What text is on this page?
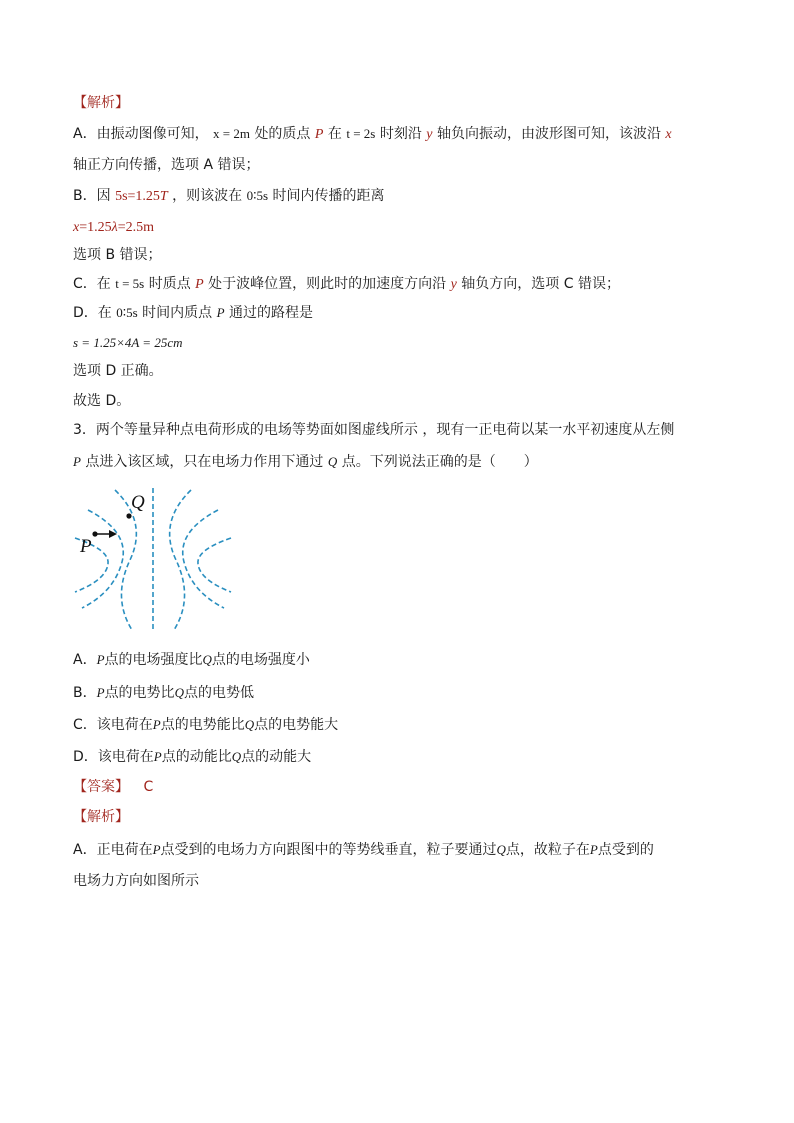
【解析】
A．由振动图像可知， x = 2m 处的质点 P 在 t = 2s 时刻沿 y 轴负向振动，由波形图可知，该波沿 x
轴正方向传播，选项 A 错误；
B．因 5s=1.25T ，则该波在 0∶5s 时间内传播的距离
x=1.25λ=2.5m
选项 B 错误；
C．在 t = 5s 时质点 P 处于波峰位置，则此时的加速度方向沿 y 轴负方向，选项 C 错误；
D．在 0∶5s 时间内质点 P 通过的路程是
s = 1.25×4A = 25cm
选项 D 正确。
故选 D。
3．两个等量异种点电荷形成的电场等势面如图虚线所示 ，现有一正电荷以某一水平初速度从左侧
P 点进入该区域，只在电场力作用下通过 Q 点。下列说法正确的是（　　）
P
Q
A．P点的电场强度比Q点的电场强度小
B．P点的电势比Q点的电势低
C．该电荷在P点的电势能比Q点的电势能大
D．该电荷在P点的动能比Q点的动能大
【答案】 C
【解析】
A．正电荷在P点受到的电场力方向跟图中的等势线垂直，粒子要通过Q点，故粒子在P点受到的
电场力方向如图所示
